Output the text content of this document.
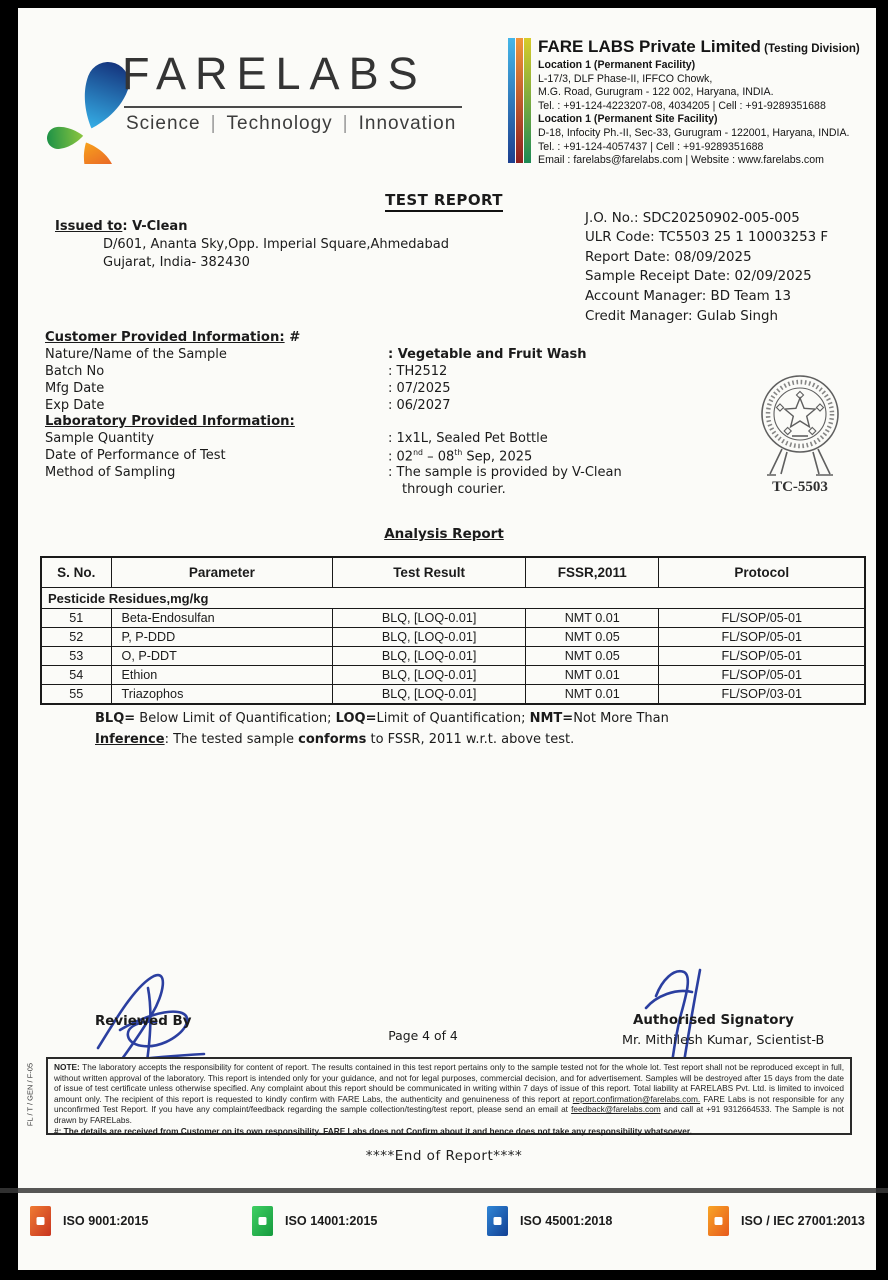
FARELABS
Science | Technology | Innovation
FARE LABS Private Limited (Testing Division)
Location 1 (Permanent Facility)
L-17/3, DLF Phase-II, IFFCO Chowk,
M.G. Road, Gurugram - 122 002, Haryana, INDIA.
Tel. : +91-124-4223207-08, 4034205 | Cell : +91-9289351688
Location 1 (Permanent Site Facility)
D-18, Infocity Ph.-II, Sec-33, Gurugram - 122001, Haryana, INDIA.
Tel. : +91-124-4057437 | Cell : +91-9289351688
Email : farelabs@farelabs.com | Website : www.farelabs.com
TEST REPORT
Issued to: V-Clean
D/601, Ananta Sky,Opp. Imperial Square,Ahmedabad
Gujarat, India- 382430
J.O. No.: SDC20250902-005-005
ULR Code: TC5503 25 1 10003253 F
Report Date: 08/09/2025
Sample Receipt Date: 02/09/2025
Account Manager: BD Team 13
Credit Manager: Gulab Singh
Customer Provided Information: #
Nature/Name of the Sample	: Vegetable and Fruit Wash
Batch No	: TH2512
Mfg Date	: 07/2025
Exp Date	: 06/2027
Laboratory Provided Information:
Sample Quantity	: 1x1L, Sealed Pet Bottle
Date of Performance of Test	: 02nd – 08th Sep, 2025
Method of Sampling	: The sample is provided by V-Clean
through courier.	TC-5503
Analysis Report
S. No.	Parameter	Test Result	FSSR,2011	Protocol
Pesticide Residues,mg/kg				
51	Beta-Endosulfan	BLQ, [LOQ-0.01]	NMT 0.01	FL/SOP/05-01
52	P, P-DDD	BLQ, [LOQ-0.01]	NMT 0.05	FL/SOP/05-01
53	O, P-DDT	BLQ, [LOQ-0.01]	NMT 0.05	FL/SOP/05-01
54	Ethion	BLQ, [LOQ-0.01]	NMT 0.01	FL/SOP/05-01
55	Triazophos	BLQ, [LOQ-0.01]	NMT 0.01	FL/SOP/03-01
BLQ= Below Limit of Quantification; LOQ=Limit of Quantification; NMT=Not More Than
Inference: The tested sample conforms to FSSR, 2011 w.r.t. above test.
Reviewed By
Page 4 of 4
Authorised Signatory
Mr. Mithilesh Kumar, Scientist-B
NOTE: The laboratory accepts the responsibility for content of report. The results contained in this test report pertains only to the sample tested not for the whole lot. Test report shall not be reproduced except in full, without written approval of the laboratory. This report is intended only for your guidance, and not for legal purposes, commercial decision, and for advertisement. Samples will be destroyed after 15 days from the date of issue of test certificate unless otherwise specified. Any complaint about this report should be communicated in writing within 7 days of issue of this report. Total liability at FARELABS Pvt. Ltd. is limited to invoiced amount only. The recipient of this report is requested to kindly confirm with FARE Labs, the authenticity and genuineness of this report at report.confirmation@farelabs.com. FARE Labs is not responsible for any unconfirmed Test Report. If you have any complaint/feedback regarding the sample collection/testing/test report, please send an email at feedback@farelabs.com and call at +91 9312664533. The Sample is not drawn by FARELabs.
#: The details are received from Customer on its own responsibility. FARE Labs does not Confirm about it and hence does not take any responsibility whatsoever.
****End of Report****
FL / T / GEN / F-05
ISO 9001:2015	ISO 14001:2015	ISO 45001:2018	ISO / IEC 27001:2013
